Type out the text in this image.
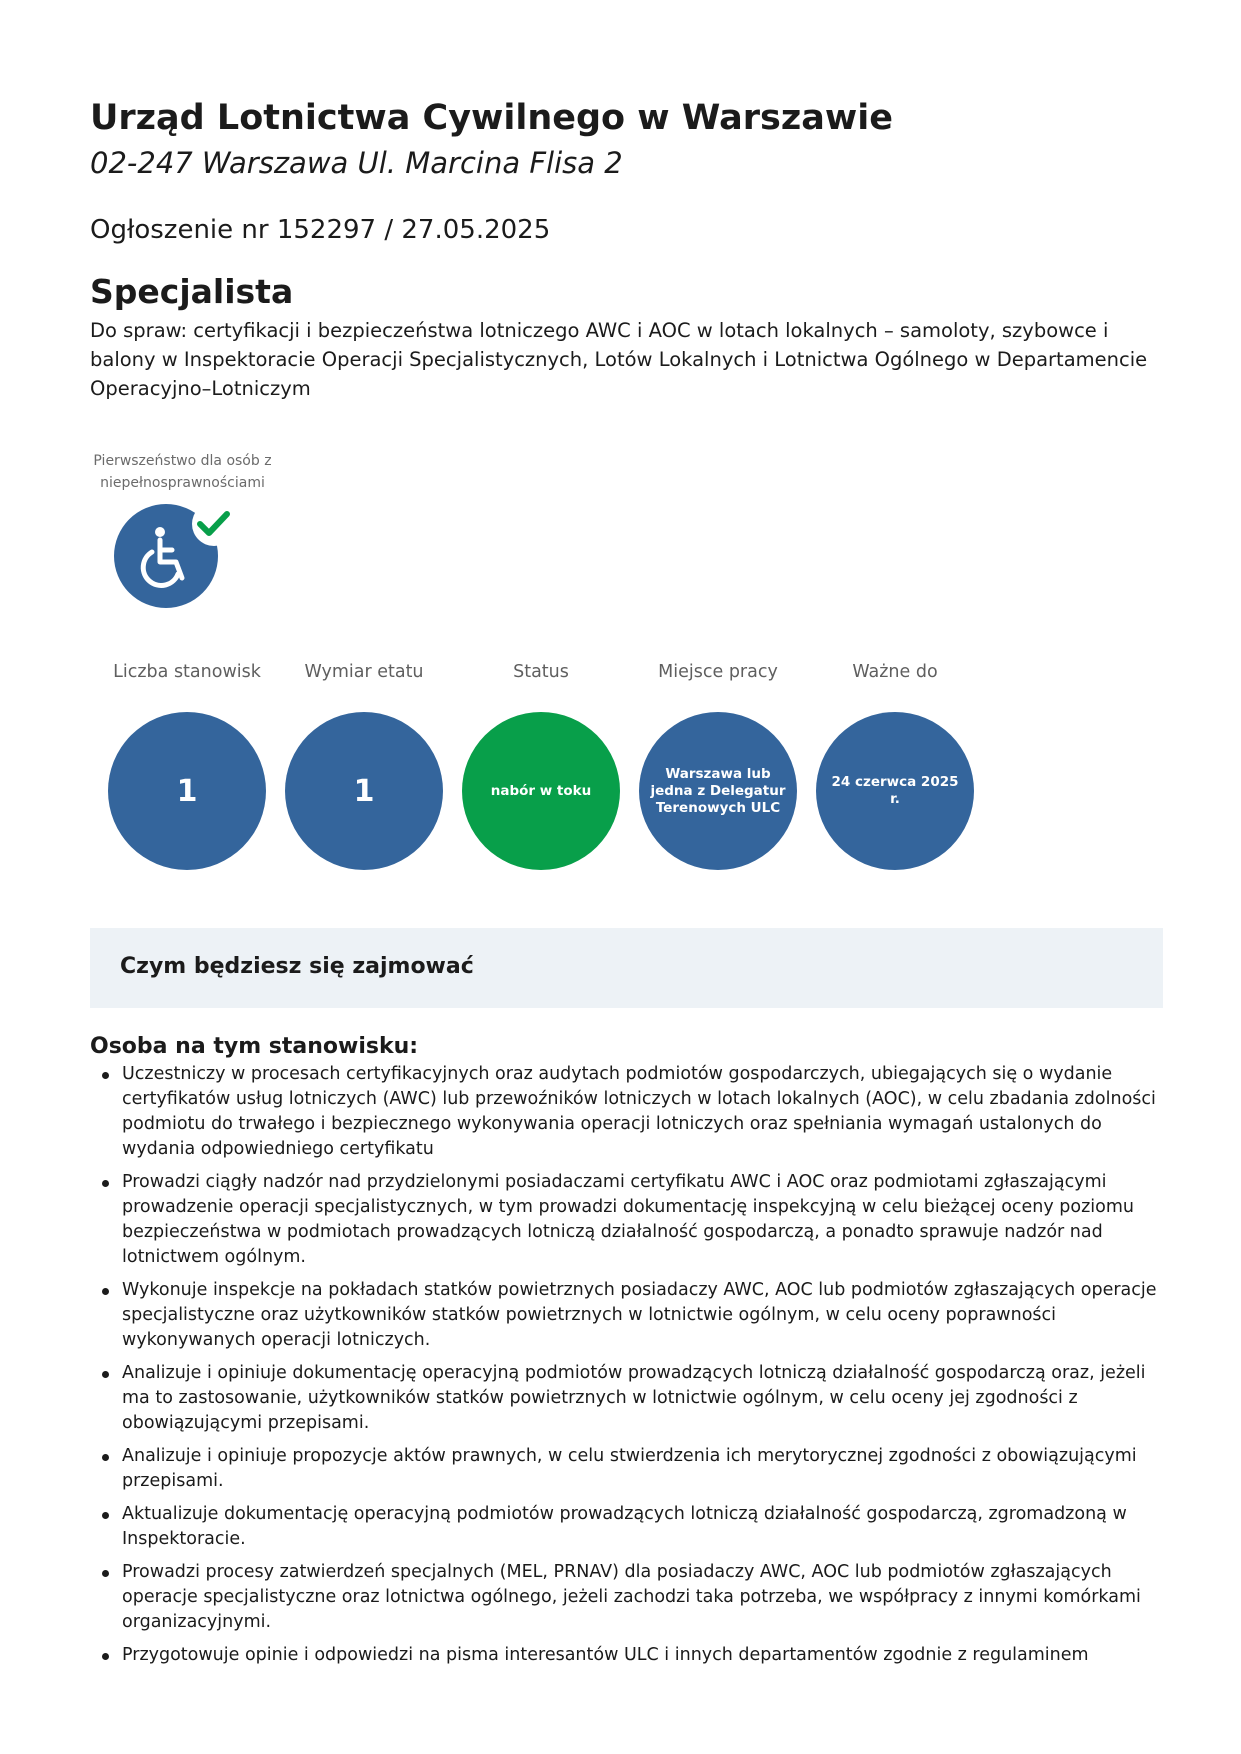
Urząd Lotnictwa Cywilnego w Warszawie
02-247 Warszawa Ul. Marcina Flisa 2
Ogłoszenie nr 152297 / 27.05.2025
Specjalista
Do spraw: certyfikacji i bezpieczeństwa lotniczego AWC i AOC w lotach lokalnych – samoloty, szybowce i balony w Inspektoracie Operacji Specjalistycznych, Lotów Lokalnych i Lotnictwa Ogólnego w Departamencie Operacyjno–Lotniczym
Pierwszeństwo dla osób z niepełnosprawnościami
Liczba stanowisk
1
Wymiar etatu
1
Status
nabór w toku
Miejsce pracy
Warszawa lub jedna z Delegatur Terenowych ULC
Ważne do
24 czerwca 2025 r.
Czym będziesz się zajmować
Osoba na tym stanowisku:
Uczestniczy w procesach certyfikacyjnych oraz audytach podmiotów gospodarczych, ubiegających się o wydanie certyfikatów usług lotniczych (AWC) lub przewoźników lotniczych w lotach lokalnych (AOC), w celu zbadania zdolności podmiotu do trwałego i bezpiecznego wykonywania operacji lotniczych oraz spełniania wymagań ustalonych do wydania odpowiedniego certyfikatu
Prowadzi ciągły nadzór nad przydzielonymi posiadaczami certyfikatu AWC i AOC oraz podmiotami zgłaszającymi prowadzenie operacji specjalistycznych, w tym prowadzi dokumentację inspekcyjną w celu bieżącej oceny poziomu bezpieczeństwa w podmiotach prowadzących lotniczą działalność gospodarczą, a ponadto sprawuje nadzór nad lotnictwem ogólnym.
Wykonuje inspekcje na pokładach statków powietrznych posiadaczy AWC, AOC lub podmiotów zgłaszających operacje specjalistyczne oraz użytkowników statków powietrznych w lotnictwie ogólnym, w celu oceny poprawności wykonywanych operacji lotniczych.
Analizuje i opiniuje dokumentację operacyjną podmiotów prowadzących lotniczą działalność gospodarczą oraz, jeżeli ma to zastosowanie, użytkowników statków powietrznych w lotnictwie ogólnym, w celu oceny jej zgodności z obowiązującymi przepisami.
Analizuje i opiniuje propozycje aktów prawnych, w celu stwierdzenia ich merytorycznej zgodności z obowiązującymi przepisami.
Aktualizuje dokumentację operacyjną podmiotów prowadzących lotniczą działalność gospodarczą, zgromadzoną w Inspektoracie.
Prowadzi procesy zatwierdzeń specjalnych (MEL, PRNAV) dla posiadaczy AWC, AOC lub podmiotów zgłaszających operacje specjalistyczne oraz lotnictwa ogólnego, jeżeli zachodzi taka potrzeba, we współpracy z innymi komórkami organizacyjnymi.
Przygotowuje opinie i odpowiedzi na pisma interesantów ULC i innych departamentów zgodnie z regulaminem
